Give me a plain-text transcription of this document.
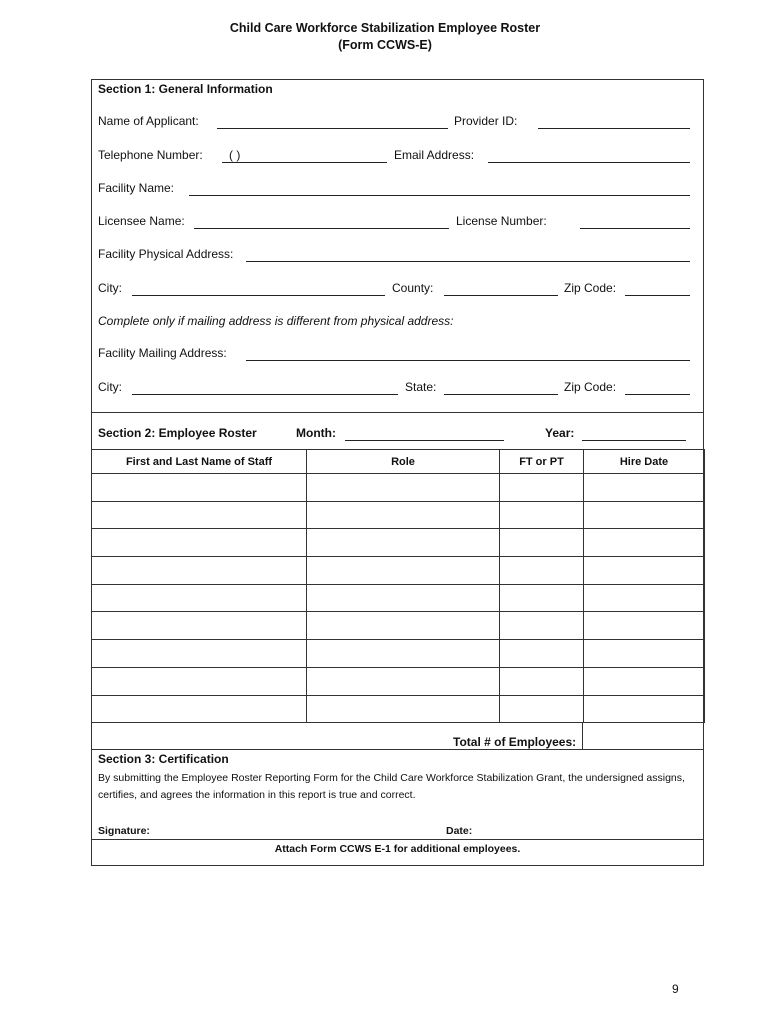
Child Care Workforce Stabilization Employee Roster
(Form CCWS-E)
Section 1: General Information
Name of Applicant:	Provider ID:
Telephone Number: ( )	Email Address:
Facility Name:
Licensee Name:	License Number:
Facility Physical Address:
City:	County:	Zip Code:
Complete only if mailing address is different from physical address:
Facility Mailing Address:
City:	State:	Zip Code:
Section 2: Employee Roster	Month:	Year:
First and Last Name of Staff	Role	FT or PT	Hire Date

Total # of Employees:
Section 3: Certification
By submitting the Employee Roster Reporting Form for the Child Care Workforce Stabilization Grant, the undersigned assigns, certifies, and agrees the information in this report is true and correct.
Signature:	Date:
Attach Form CCWS E-1 for additional employees.
9
